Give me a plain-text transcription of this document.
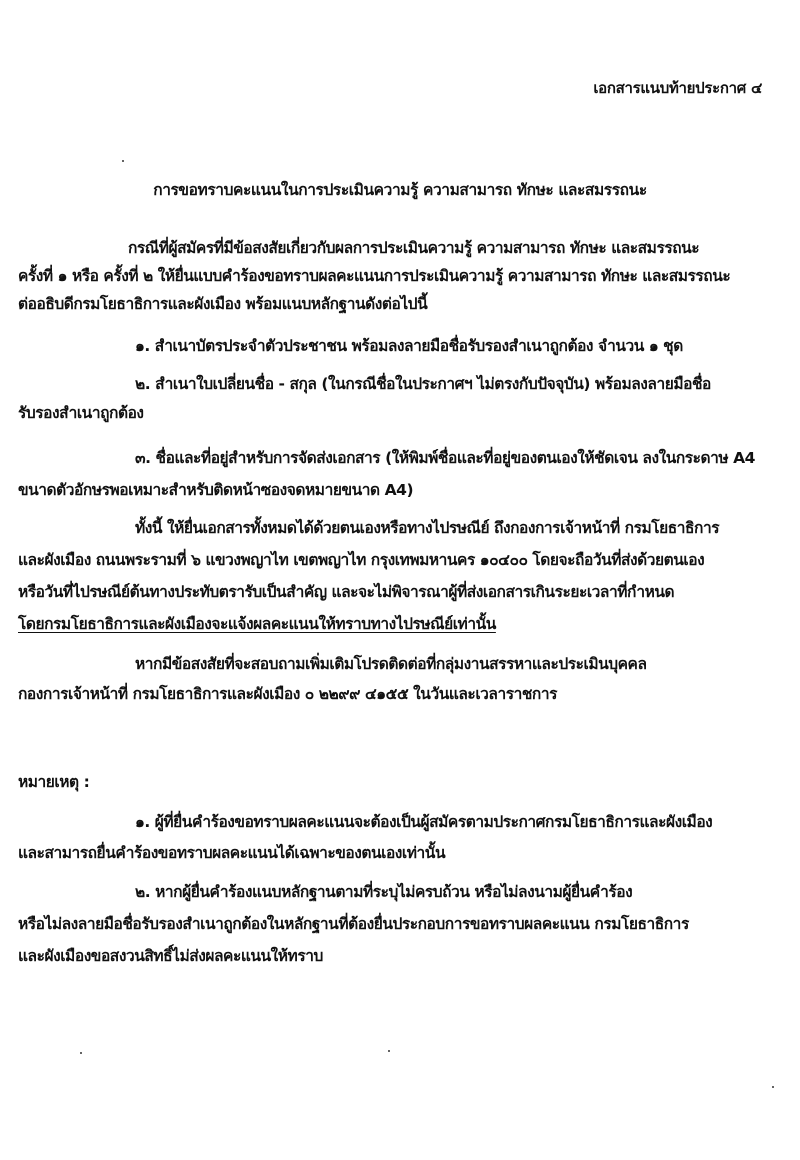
เอกสารแนบท้ายประกาศ ๔
การขอทราบคะแนนในการประเมินความรู้ ความสามารถ ทักษะ และสมรรถนะ
กรณีที่ผู้สมัครที่มีข้อสงสัยเกี่ยวกับผลการประเมินความรู้ ความสามารถ ทักษะ และสมรรถนะ
ครั้งที่ ๑ หรือ ครั้งที่ ๒ ให้ยื่นแบบคำร้องขอทราบผลคะแนนการประเมินความรู้ ความสามารถ ทักษะ และสมรรถนะ
ต่ออธิบดีกรมโยธาธิการและผังเมือง พร้อมแนบหลักฐานดังต่อไปนี้
๑. สำเนาบัตรประจำตัวประชาชน พร้อมลงลายมือชื่อรับรองสำเนาถูกต้อง จำนวน ๑ ชุด
๒. สำเนาใบเปลี่ยนชื่อ - สกุล (ในกรณีชื่อในประกาศฯ ไม่ตรงกับปัจจุบัน) พร้อมลงลายมือชื่อ
รับรองสำเนาถูกต้อง
๓. ชื่อและที่อยู่สำหรับการจัดส่งเอกสาร (ให้พิมพ์ชื่อและที่อยู่ของตนเองให้ชัดเจน ลงในกระดาษ A4
ขนาดตัวอักษรพอเหมาะสำหรับติดหน้าซองจดหมายขนาด A4)
ทั้งนี้ ให้ยื่นเอกสารทั้งหมดได้ด้วยตนเองหรือทางไปรษณีย์ ถึงกองการเจ้าหน้าที่ กรมโยธาธิการ
และผังเมือง ถนนพระรามที่ ๖ แขวงพญาไท เขตพญาไท กรุงเทพมหานคร ๑๐๔๐๐ โดยจะถือวันที่ส่งด้วยตนเอง
หรือวันที่ไปรษณีย์ต้นทางประทับตรารับเป็นสำคัญ และจะไม่พิจารณาผู้ที่ส่งเอกสารเกินระยะเวลาที่กำหนด
โดยกรมโยธาธิการและผังเมืองจะแจ้งผลคะแนนให้ทราบทางไปรษณีย์เท่านั้น
หากมีข้อสงสัยที่จะสอบถามเพิ่มเติมโปรดติดต่อที่กลุ่มงานสรรหาและประเมินบุคคล
กองการเจ้าหน้าที่ กรมโยธาธิการและผังเมือง ๐ ๒๒๙๙ ๔๑๕๕ ในวันและเวลาราชการ
หมายเหตุ :
๑. ผู้ที่ยื่นคำร้องขอทราบผลคะแนนจะต้องเป็นผู้สมัครตามประกาศกรมโยธาธิการและผังเมือง
และสามารถยื่นคำร้องขอทราบผลคะแนนได้เฉพาะของตนเองเท่านั้น
๒. หากผู้ยื่นคำร้องแนบหลักฐานตามที่ระบุไม่ครบถ้วน หรือไม่ลงนามผู้ยื่นคำร้อง
หรือไม่ลงลายมือชื่อรับรองสำเนาถูกต้องในหลักฐานที่ต้องยื่นประกอบการขอทราบผลคะแนน กรมโยธาธิการ
และผังเมืองขอสงวนสิทธิ์ไม่ส่งผลคะแนนให้ทราบ
